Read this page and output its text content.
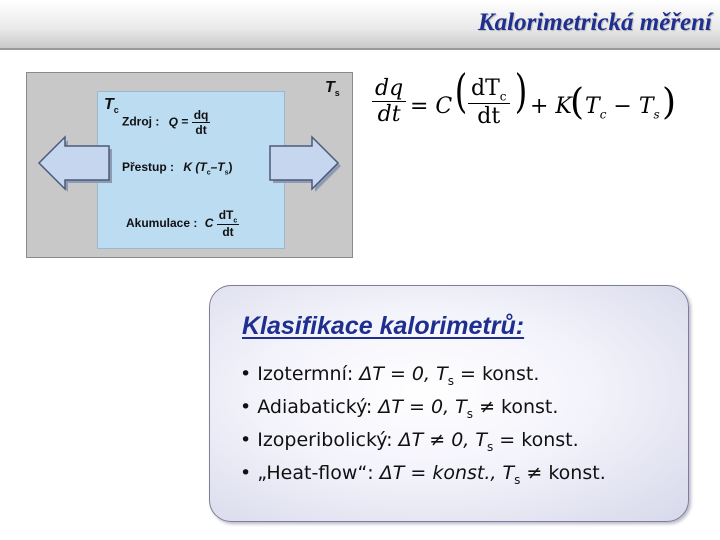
Kalorimetrická měření
$T_s$
$T_c$
Zdroj : $Q = \frac{dq}{dt}$
Přestup : K $(T_c-T_s)$
Akumulace : C $\frac{dT_c}{dt}$
dq
dt = C ( $dT_c$
dt ) + K
( $T_c - T_s$ )
Klasifikace kalorimetrů:
• Izotermní: ΔT = 0, $T_s$ = konst.
• Adiabatický: ΔT = 0, $T_s$ ≠ konst.
• Izoperibolický: ΔT ≠ 0, $T_s$ = konst.
• „Heat-flow“: ΔT = konst., $T_s$ ≠ konst.
